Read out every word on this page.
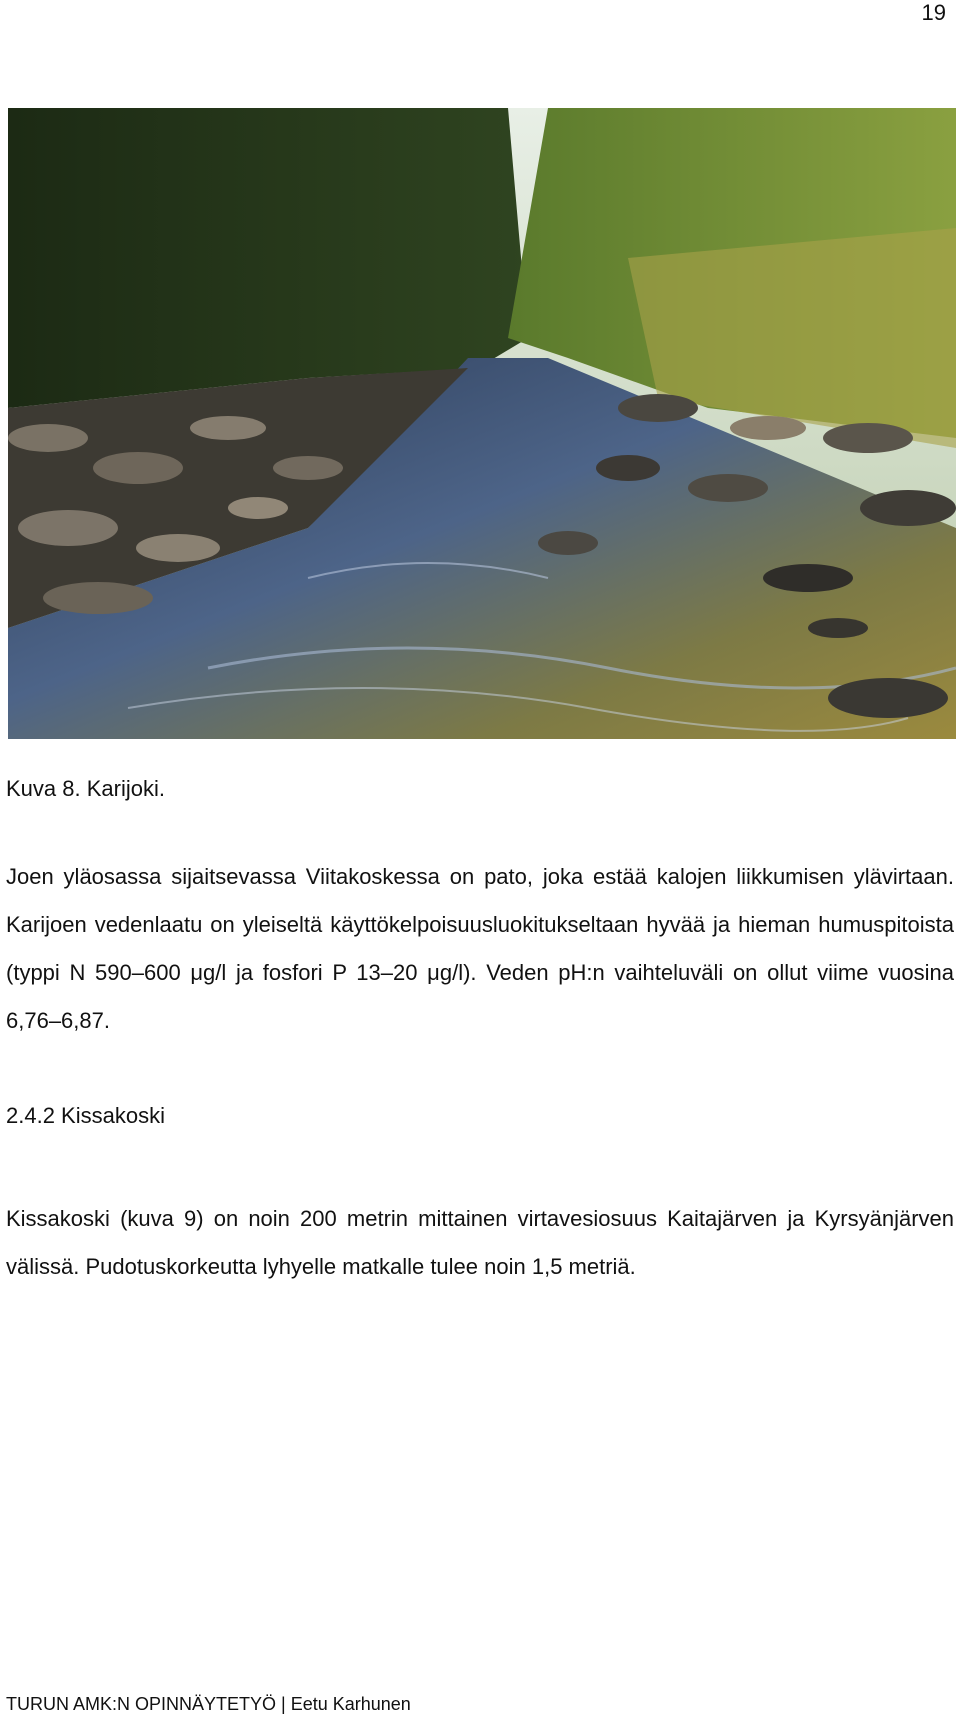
19
Kuva 8. Karijoki.
Joen yläosassa sijaitsevassa Viitakoskessa on pato, joka estää kalojen liikkumisen ylävirtaan. Karijoen vedenlaatu on yleiseltä käyttökelpoisuusluokitukseltaan hyvää ja hieman humuspitoista (typpi N 590–600 μg/l ja fosfori P 13–20 μg/l). Veden pH:n vaihteluväli on ollut viime vuosina 6,76–6,87.
2.4.2 Kissakoski
Kissakoski (kuva 9) on noin 200 metrin mittainen virtavesiosuus Kaitajärven ja Kyrsyänjärven välissä. Pudotuskorkeutta lyhyelle matkalle tulee noin 1,5 metriä.
TURUN AMK:N OPINNÄYTETYÖ | Eetu Karhunen
